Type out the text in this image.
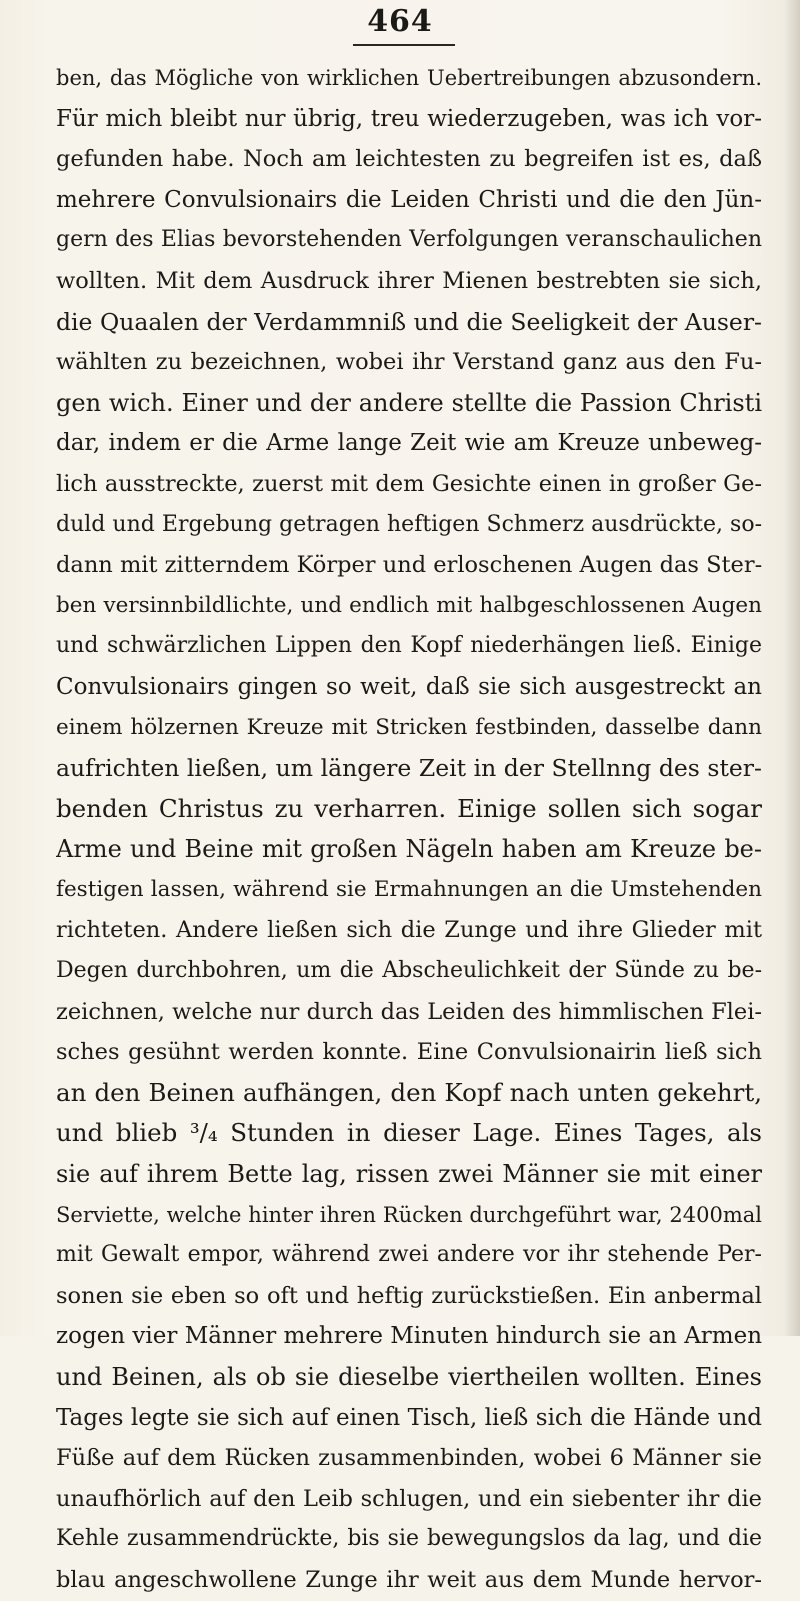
464
ben, das Mögliche von wirklichen Uebertreibungen abzusondern.
Für mich bleibt nur übrig, treu wiederzugeben, was ich vor-
gefunden habe. Noch am leichtesten zu begreifen ist es, daß
mehrere Convulsionairs die Leiden Christi und die den Jün-
gern des Elias bevorstehenden Verfolgungen veranschaulichen
wollten. Mit dem Ausdruck ihrer Mienen bestrebten sie sich,
die Quaalen der Verdammniß und die Seeligkeit der Auser-
wählten zu bezeichnen, wobei ihr Verstand ganz aus den Fu-
gen wich. Einer und der andere stellte die Passion Christi
dar, indem er die Arme lange Zeit wie am Kreuze unbeweg-
lich ausstreckte, zuerst mit dem Gesichte einen in großer Ge-
duld und Ergebung getragen heftigen Schmerz ausdrückte, so-
dann mit zitterndem Körper und erloschenen Augen das Ster-
ben versinnbildlichte, und endlich mit halbgeschlossenen Augen
und schwärzlichen Lippen den Kopf niederhängen ließ. Einige
Convulsionairs gingen so weit, daß sie sich ausgestreckt an
einem hölzernen Kreuze mit Stricken festbinden, dasselbe dann
aufrichten ließen, um längere Zeit in der Stellnng des ster-
benden Christus zu verharren. Einige sollen sich sogar
Arme und Beine mit großen Nägeln haben am Kreuze be-
festigen lassen, während sie Ermahnungen an die Umstehenden
richteten. Andere ließen sich die Zunge und ihre Glieder mit
Degen durchbohren, um die Abscheulichkeit der Sünde zu be-
zeichnen, welche nur durch das Leiden des himmlischen Flei-
sches gesühnt werden konnte. Eine Convulsionairin ließ sich
an den Beinen aufhängen, den Kopf nach unten gekehrt,
und blieb ³/₄ Stunden in dieser Lage. Eines Tages, als
sie auf ihrem Bette lag, rissen zwei Männer sie mit einer
Serviette, welche hinter ihren Rücken durchgeführt war, 2400mal
mit Gewalt empor, während zwei andere vor ihr stehende Per-
sonen sie eben so oft und heftig zurückstießen. Ein anbermal
zogen vier Männer mehrere Minuten hindurch sie an Armen
und Beinen, als ob sie dieselbe viertheilen wollten. Eines
Tages legte sie sich auf einen Tisch, ließ sich die Hände und
Füße auf dem Rücken zusammenbinden, wobei 6 Männer sie
unaufhörlich auf den Leib schlugen, und ein siebenter ihr die
Kehle zusammendrückte, bis sie bewegungslos da lag, und die
blau angeschwollene Zunge ihr weit aus dem Munde hervor-
